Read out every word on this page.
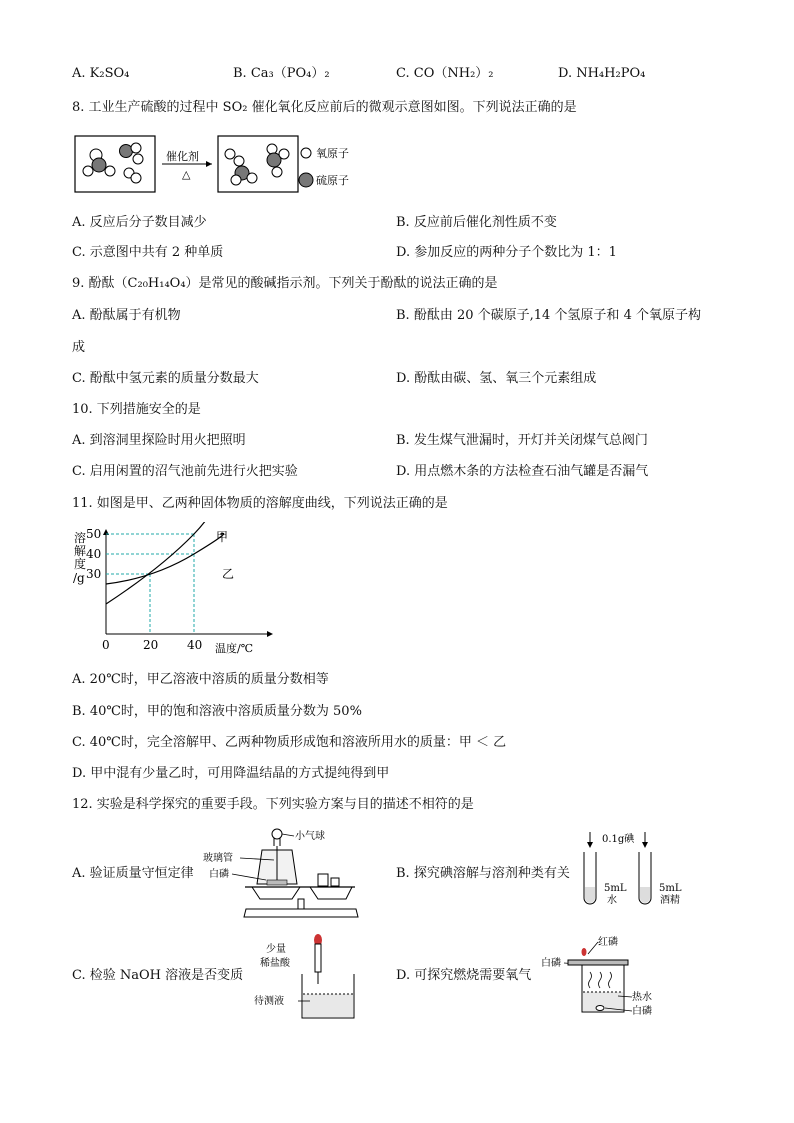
A. K₂SO₄	B. Ca₃（PO₄）₂	C. CO（NH₂）₂	D. NH₄H₂PO₄
8. 工业生产硫酸的过程中 SO₂ 催化氧化反应前后的微观示意图如图。下列说法正确的是
催化剂
△
氧原子
硫原子
A. 反应后分子数目减少	B. 反应前后催化剂性质不变
C. 示意图中共有 2 种单质	D. 参加反应的两种分子个数比为 1：1
9. 酚酞（C₂₀H₁₄O₄）是常见的酸碱指示剂。下列关于酚酞的说法正确的是
A. 酚酞属于有机物	B. 酚酞由 20 个碳原子,14 个氢原子和 4 个氧原子构
成
C. 酚酞中氢元素的质量分数最大	D. 酚酞由碳、氢、氧三个元素组成
10. 下列措施安全的是
A. 到溶洞里探险时用火把照明	B. 发生煤气泄漏时，开灯并关闭煤气总阀门
C. 启用闲置的沼气池前先进行火把实验	D. 用点燃木条的方法检查石油气罐是否漏气
11. 如图是甲、乙两种固体物质的溶解度曲线，下列说法正确的是
溶
解
度
/g 30
40
50
0	20 40 温度/℃
甲
乙
A. 20℃时，甲乙溶液中溶质的质量分数相等
B. 40℃时，甲的饱和溶液中溶质质量分数为 50%
C. 40℃时，完全溶解甲、乙两种物质形成饱和溶液所用水的质量：甲 ＜ 乙
D. 甲中混有少量乙时，可用降温结晶的方式提纯得到甲
12. 实验是科学探究的重要手段。下列实验方案与目的描述不相符的是
A. 验证质量守恒定律
小气球
玻璃管
白磷	B. 探究碘溶解与溶剂种类有关
0.1g碘
5mL
水
5mL
酒精
C. 检验 NaOH 溶液是否变质
少量
稀盐酸
待测液
D. 可探究燃烧需要氧气
红磷
白磷
热水
白磷
